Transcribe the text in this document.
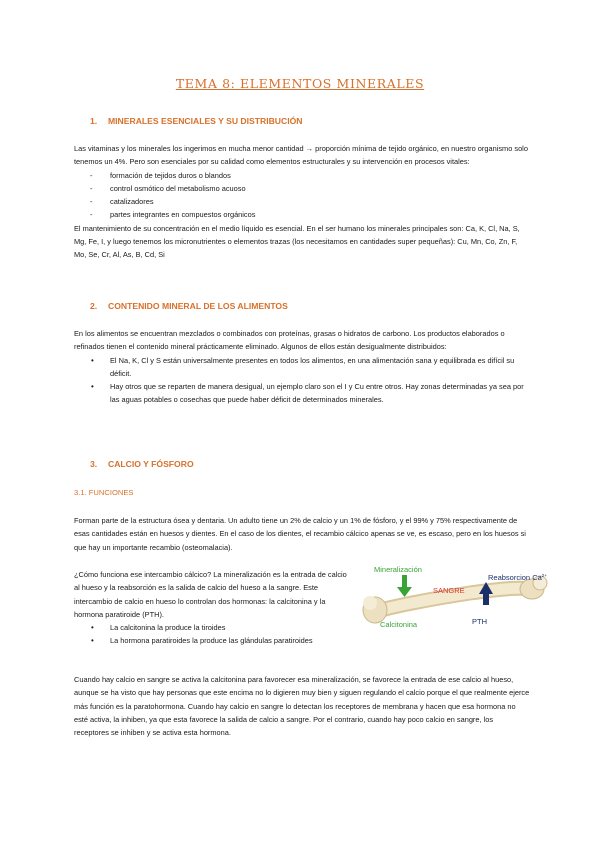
TEMA 8: ELEMENTOS MINERALES
1. MINERALES ESENCIALES Y SU DISTRIBUCIÓN

Las vitaminas y los minerales los ingerimos en mucha menor cantidad → proporción mínima de tejido orgánico, en nuestro organismo solo tenemos un 4%. Pero son esenciales por su calidad como elementos estructurales y su intervención en procesos vitales:

- formación de tejidos duros o blandos
- control osmótico del metabolismo acuoso
- catalizadores
- partes integrantes en compuestos orgánicos

El mantenimiento de su concentración en el medio líquido es esencial. En el ser humano los minerales principales son: Ca, K, Cl, Na, S, Mg, Fe, I, y luego tenemos los micronutrientes o elementos trazas (los necesitamos en cantidades super pequeñas): Cu, Mn, Co, Zn, F, Mo, Se, Cr, Al, As, B, Cd, Si

2. CONTENIDO MINERAL DE LOS ALIMENTOS

En los alimentos se encuentran mezclados o combinados con proteínas, grasas o hidratos de carbono. Los productos elaborados o refinados tienen el contenido mineral prácticamente eliminado. Algunos de ellos están desigualmente distribuidos:

• El Na, K, Cl y S están universalmente presentes en todos los alimentos, en una alimentación sana y equilibrada es difícil su déficit.
• Hay otros que se reparten de manera desigual, un ejemplo claro son el I y Cu entre otros. Hay zonas determinadas ya sea por las aguas potables o cosechas que puede haber déficit de determinados minerales.
3. CALCIO Y FÓSFORO
3.1. FUNCIONES

Forman parte de la estructura ósea y dentaria. Un adulto tiene un 2% de calcio y un 1% de fósforo, y el 99% y 75% respectivamente de esas cantidades están en huesos y dientes. En el caso de los dientes, el recambio cálcico apenas se ve, es escaso, pero en los huesos si que hay un importante recambio (osteomalacia).

¿Cómo funciona ese intercambio cálcico? La mineralización es la entrada de calcio al hueso y la reabsorción es la salida de calcio del hueso a la sangre. Este intercambio de calcio en hueso lo controlan dos hormonas: la calcitonina y la hormona paratiroide (PTH).

• La calcitonina la produce la tiroides
• La hormona paratiroides la produce las glándulas paratiroides
Mineralización
SANGRE
Reabsorcion $Ca^{2+}$
Calcitonina	PTH

Cuando hay calcio en sangre se activa la calcitonina para favorecer esa mineralización, se favorece la entrada de ese calcio al hueso, aunque se ha visto que hay personas que este encima no lo digieren muy bien y siguen regulando el calcio porque el que realmente ejerce más función es la paratohormona. Cuando hay calcio en sangre lo detectan los receptores de membrana y hacen que esa hormona no esté activa, la inhiben, ya que esta favorece la salida de calcio a sangre. Por el contrario, cuando hay poco calcio en sangre, los receptores se inhiben y se activa esta hormona.
